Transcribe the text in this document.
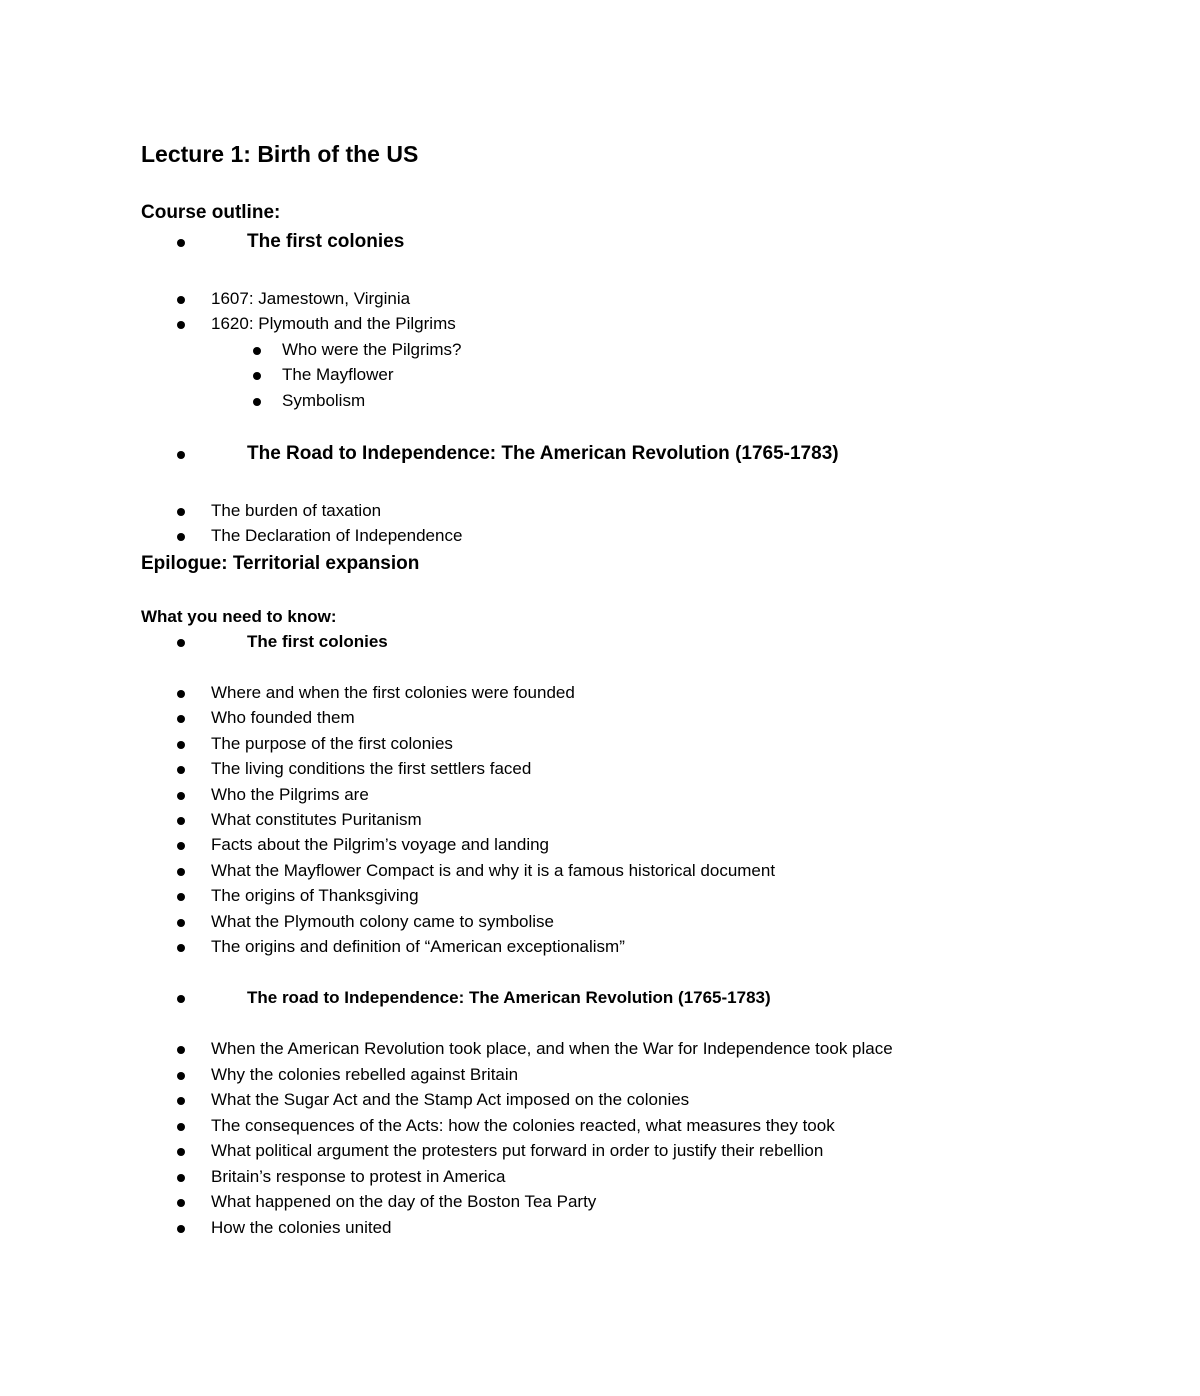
Lecture 1: Birth of the US
Course outline:
The first colonies
1607: Jamestown, Virginia
1620: Plymouth and the Pilgrims
Who were the Pilgrims?
The Mayflower
Symbolism
The Road to Independence: The American Revolution (1765-1783)
The burden of taxation
The Declaration of Independence
Epilogue: Territorial expansion
What you need to know:
The first colonies
Where and when the first colonies were founded
Who founded them
The purpose of the first colonies
The living conditions the first settlers faced
Who the Pilgrims are
What constitutes Puritanism
Facts about the Pilgrim’s voyage and landing
What the Mayflower Compact is and why it is a famous historical document
The origins of Thanksgiving
What the Plymouth colony came to symbolise
The origins and definition of “American exceptionalism”
The road to Independence: The American Revolution (1765-1783)
When the American Revolution took place, and when the War for Independence took place
Why the colonies rebelled against Britain
What the Sugar Act and the Stamp Act imposed on the colonies
The consequences of the Acts: how the colonies reacted, what measures they took
What political argument the protesters put forward in order to justify their rebellion
Britain’s response to protest in America
What happened on the day of the Boston Tea Party
How the colonies united
